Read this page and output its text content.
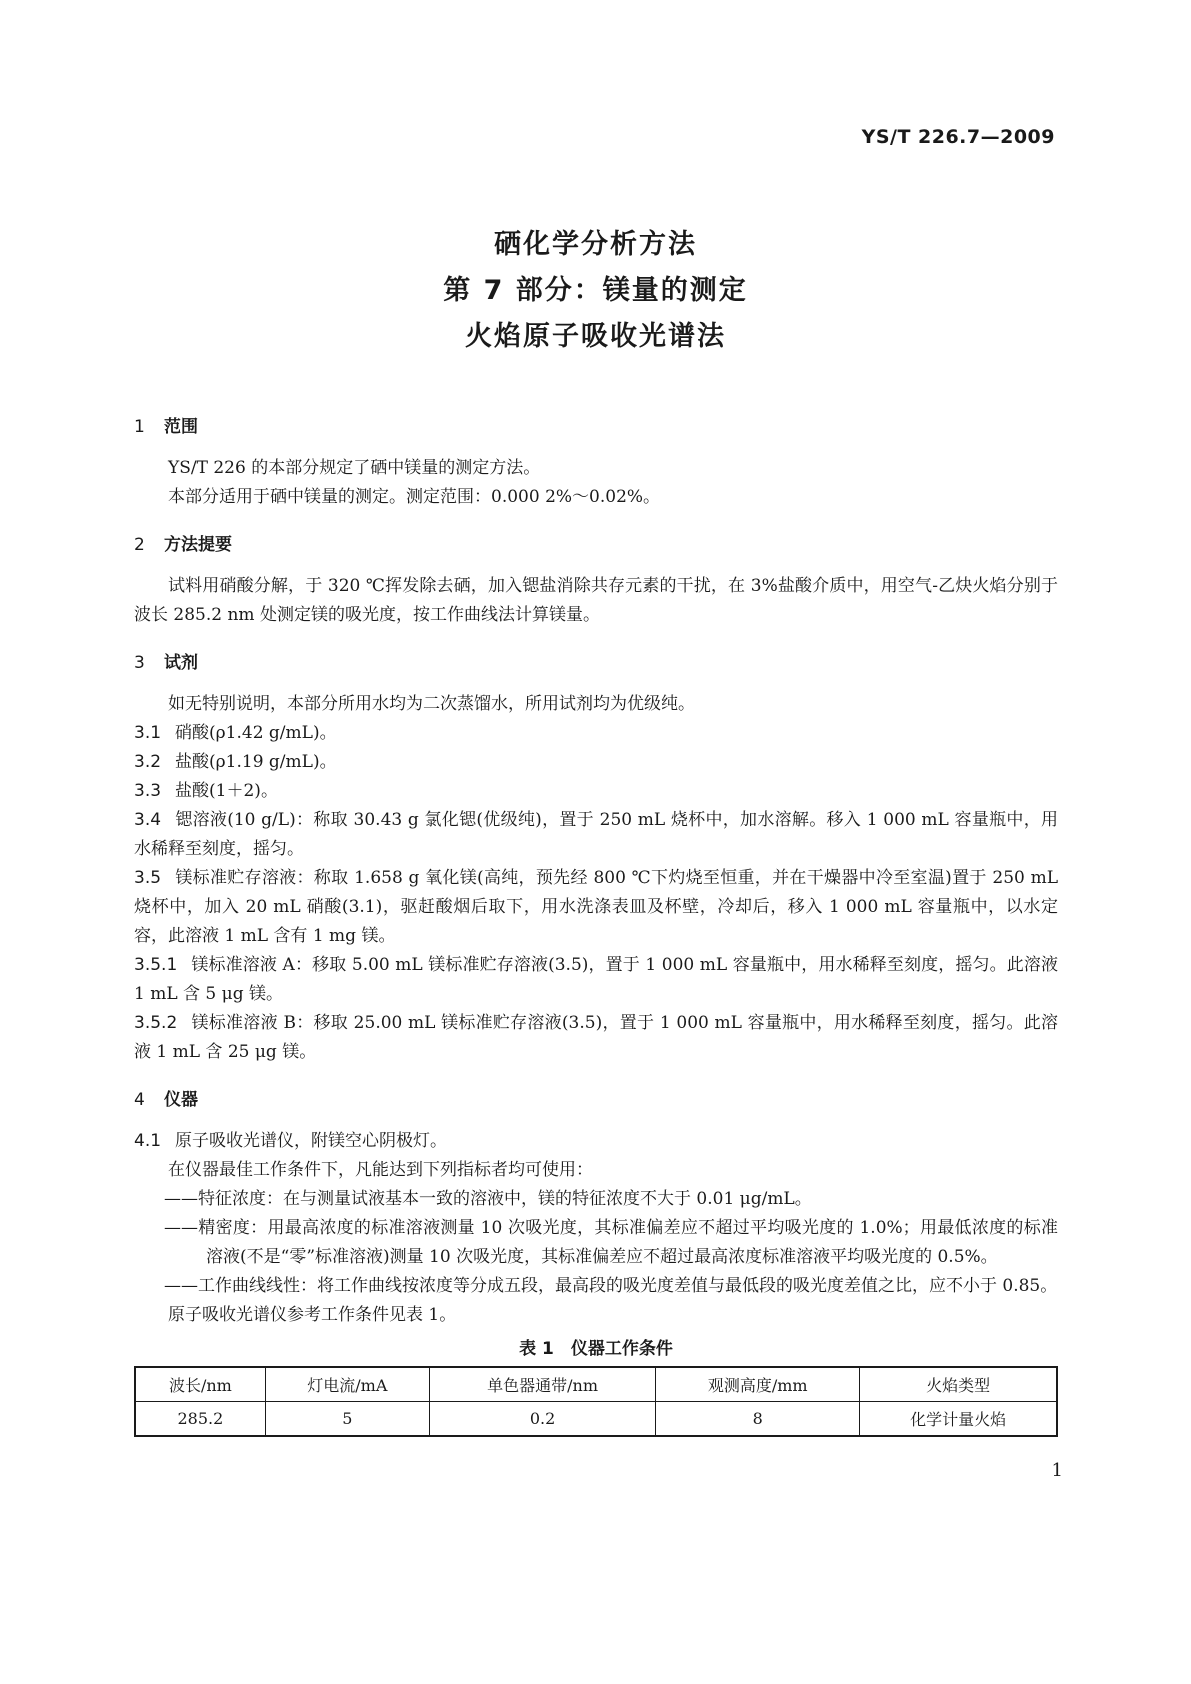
YS/T 226.7—2009
硒化学分析方法
第 7 部分：镁量的测定
火焰原子吸收光谱法
1 范围
YS/T 226 的本部分规定了硒中镁量的测定方法。
本部分适用于硒中镁量的测定。测定范围：0.000 2%～0.02%。
2 方法提要
试料用硝酸分解，于 320 ℃挥发除去硒，加入锶盐消除共存元素的干扰，在 3%盐酸介质中，用空气-乙炔火焰分别于波长 285.2 nm 处测定镁的吸光度，按工作曲线法计算镁量。
3 试剂
如无特别说明，本部分所用水均为二次蒸馏水，所用试剂均为优级纯。
3.1 硝酸(ρ1.42 g/mL)。
3.2 盐酸(ρ1.19 g/mL)。
3.3 盐酸(1＋2)。
3.4 锶溶液(10 g/L)：称取 30.43 g 氯化锶(优级纯)，置于 250 mL 烧杯中，加水溶解。移入 1 000 mL 容量瓶中，用水稀释至刻度，摇匀。
3.5 镁标准贮存溶液：称取 1.658 g 氧化镁(高纯，预先经 800 ℃下灼烧至恒重，并在干燥器中冷至室温)置于 250 mL 烧杯中，加入 20 mL 硝酸(3.1)，驱赶酸烟后取下，用水洗涤表皿及杯壁，冷却后，移入 1 000 mL 容量瓶中，以水定容，此溶液 1 mL 含有 1 mg 镁。
3.5.1 镁标准溶液 A：移取 5.00 mL 镁标准贮存溶液(3.5)，置于 1 000 mL 容量瓶中，用水稀释至刻度，摇匀。此溶液 1 mL 含 5 μg 镁。
3.5.2 镁标准溶液 B：移取 25.00 mL 镁标准贮存溶液(3.5)，置于 1 000 mL 容量瓶中，用水稀释至刻度，摇匀。此溶液 1 mL 含 25 μg 镁。
4 仪器
4.1 原子吸收光谱仪，附镁空心阴极灯。
在仪器最佳工作条件下，凡能达到下列指标者均可使用：
——特征浓度：在与测量试液基本一致的溶液中，镁的特征浓度不大于 0.01 μg/mL。
——精密度：用最高浓度的标准溶液测量 10 次吸光度，其标准偏差应不超过平均吸光度的 1.0%；用最低浓度的标准溶液(不是“零”标准溶液)测量 10 次吸光度，其标准偏差应不超过最高浓度标准溶液平均吸光度的 0.5%。
——工作曲线线性：将工作曲线按浓度等分成五段，最高段的吸光度差值与最低段的吸光度差值之比，应不小于 0.85。
原子吸收光谱仪参考工作条件见表 1。
表 1　仪器工作条件
波长/nm	灯电流/mA	单色器通带/nm	观测高度/mm	火焰类型
285.2	5	0.2	8	化学计量火焰
1
